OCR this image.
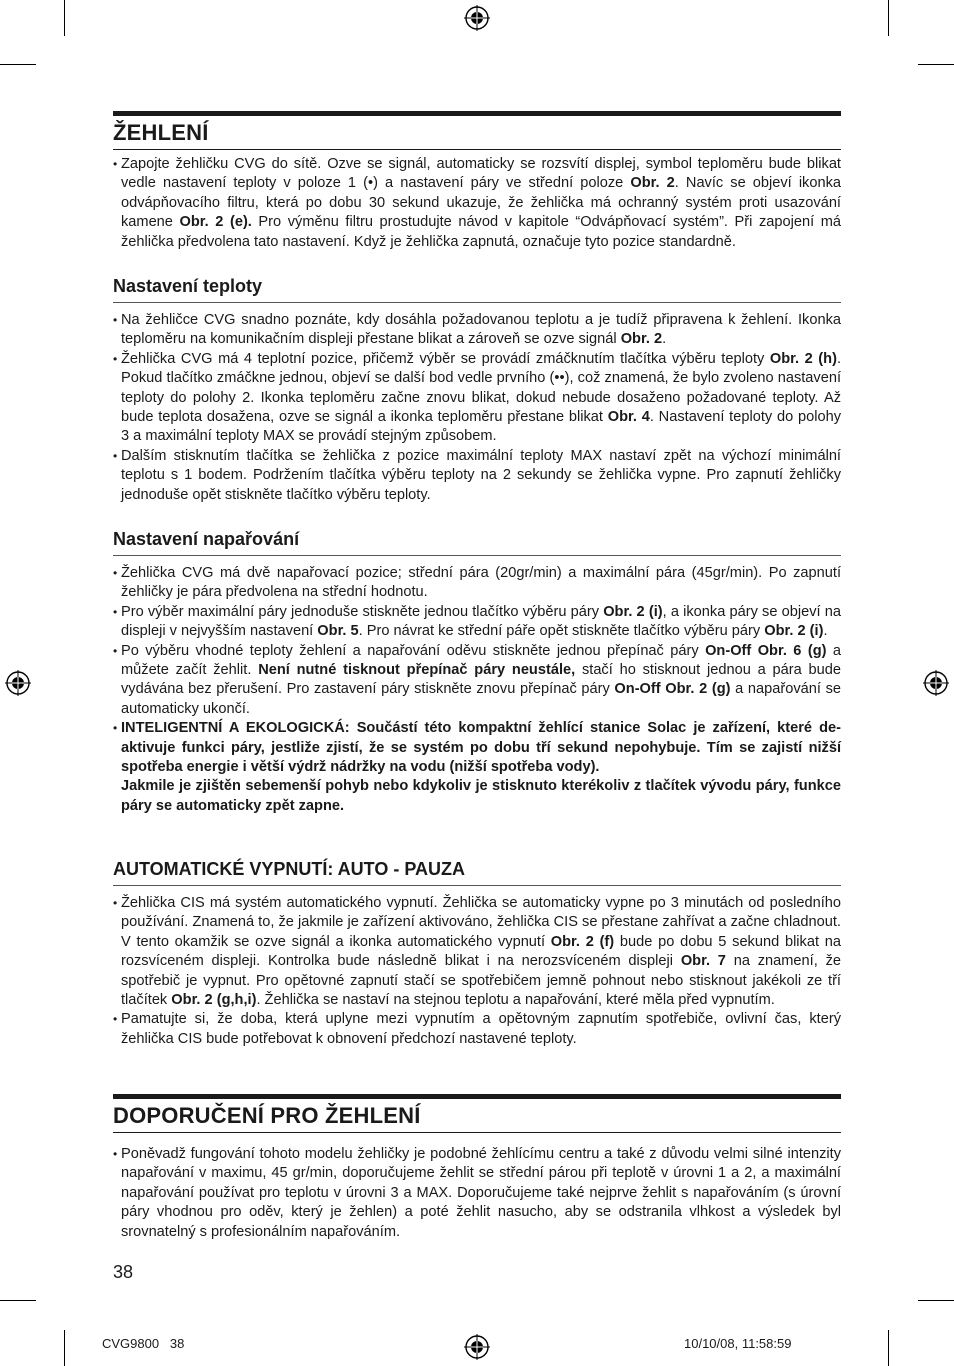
ŽEHLENÍ

• Zapojte žehličku CVG do sítě. Ozve se signál, automaticky se rozsvítí displej, symbol teploměru bude blikat vedle nastavení teploty v poloze 1 (•) a nastavení páry ve střední poloze Obr. 2. Navíc se objeví ikonka odvápňovacího filtru, která po dobu 30 sekund ukazuje, že žehlička má ochranný systém proti usazování kamene Obr. 2 (e). Pro výměnu filtru prostudujte návod v kapitole “Odvápňovací systém”. Při zapojení má žehlička předvolena tato nastavení. Když je žehlička zapnutá, označuje tyto pozice standardně.

Nastavení teploty

• Na žehličce CVG snadno poznáte, kdy dosáhla požadovanou teplotu a je tudíž připravena k žehlení. Ikonka teploměru na komunikačním displeji přestane blikat a zároveň se ozve signál Obr. 2.

• Žehlička CVG má 4 teplotní pozice, přičemž výběr se provádí zmáčknutím tlačítka výběru teploty Obr. 2 (h). Pokud tlačítko zmáčkne jednou, objeví se další bod vedle prvního (••), což znamená, že bylo zvoleno nastavení teploty do polohy 2. Ikonka teploměru začne znovu blikat, dokud nebude dosaženo požadované teploty. Až bude teplota dosažena, ozve se signál a ikonka teploměru přestane blikat Obr. 4. Nastavení teploty do polohy 3 a maximální teploty MAX se provádí stejným způsobem.

• Dalším stisknutím tlačítka se žehlička z pozice maximální teploty MAX nastaví zpět na výchozí minimální teplotu s 1 bodem. Podržením tlačítka výběru teploty na 2 sekundy se žehlička vypne. Pro zapnutí žehličky jednoduše opět stiskněte tlačítko výběru teploty.

Nastavení napařování

• Žehlička CVG má dvě napařovací pozice; střední pára (20gr/min) a maximální pára (45gr/min). Po zapnutí žehličky je pára předvolena na střední hodnotu.

• Pro výběr maximální páry jednoduše stiskněte jednou tlačítko výběru páry Obr. 2 (i), a ikonka páry se objeví na displeji v nejvyšším nastavení Obr. 5. Pro návrat ke střední páře opět stiskněte tlačítko výběru páry Obr. 2 (i).

• Po výběru vhodné teploty žehlení a napařování oděvu stiskněte jednou přepínač páry On-Off Obr. 6 (g) a můžete začít žehlit. Není nutné tisknout přepínač páry neustále, stačí ho stisknout jednou a pára bude vydávána bez přerušení. Pro zastavení páry stiskněte znovu přepínač páry On-Off Obr. 2 (g) a napařování se automaticky ukončí.

• INTELIGENTNÍ A EKOLOGICKÁ: Součástí této kompaktní žehlící stanice Solac je zařízení, které deaktivuje funkci páry, jestliže zjistí, že se systém po dobu tří sekund nepohybuje. Tím se zajistí nižší spotřeba energie i větší výdrž nádržky na vodu (nižší spotřeba vody).

Jakmile je zjištěn sebemenší pohyb nebo kdykoliv je stisknuto kterékoliv z tlačítek vývodu páry, funkce páry se automaticky zpět zapne.

AUTOMATICKÉ VYPNUTÍ: AUTO - PAUZA

• Žehlička CIS má systém automatického vypnutí. Žehlička se automaticky vypne po 3 minutách od posledního používání. Znamená to, že jakmile je zařízení aktivováno, žehlička CIS se přestane zahřívat a začne chladnout. V tento okamžik se ozve signál a ikonka automatického vypnutí Obr. 2 (f) bude po dobu 5 sekund blikat na rozsvíceném displeji. Kontrolka bude následně blikat i na nerozsvíceném displeji Obr. 7 na znamení, že spotřebič je vypnut. Pro opětovné zapnutí stačí se spotřebičem jemně pohnout nebo stisknout jakékoli ze tří tlačítek Obr. 2 (g,h,i). Žehlička se nastaví na stejnou teplotu a napařování, které měla před vypnutím.

• Pamatujte si, že doba, která uplyne mezi vypnutím a opětovným zapnutím spotřebiče, ovlivní čas, který žehlička CIS bude potřebovat k obnovení předchozí nastavené teploty.

DOPORUČENÍ PRO ŽEHLENÍ

• Poněvadž fungování tohoto modelu žehličky je podobné žehlícímu centru a také z důvodu velmi silné intenzity napařování v maximu, 45 gr/min, doporučujeme žehlit se střední párou při teplotě v úrovni 1 a 2, a maximální napařování používat pro teplotu v úrovni 3 a MAX. Doporučujeme také nejprve žehlit s napařováním (s úrovní páry vhodnou pro oděv, který je žehlen) a poté žehlit nasucho, aby se odstranila vlhkost a výsledek byl srovnatelný s profesionálním napařováním.

38
CVG9800   38	10/10/08, 11:58:59
